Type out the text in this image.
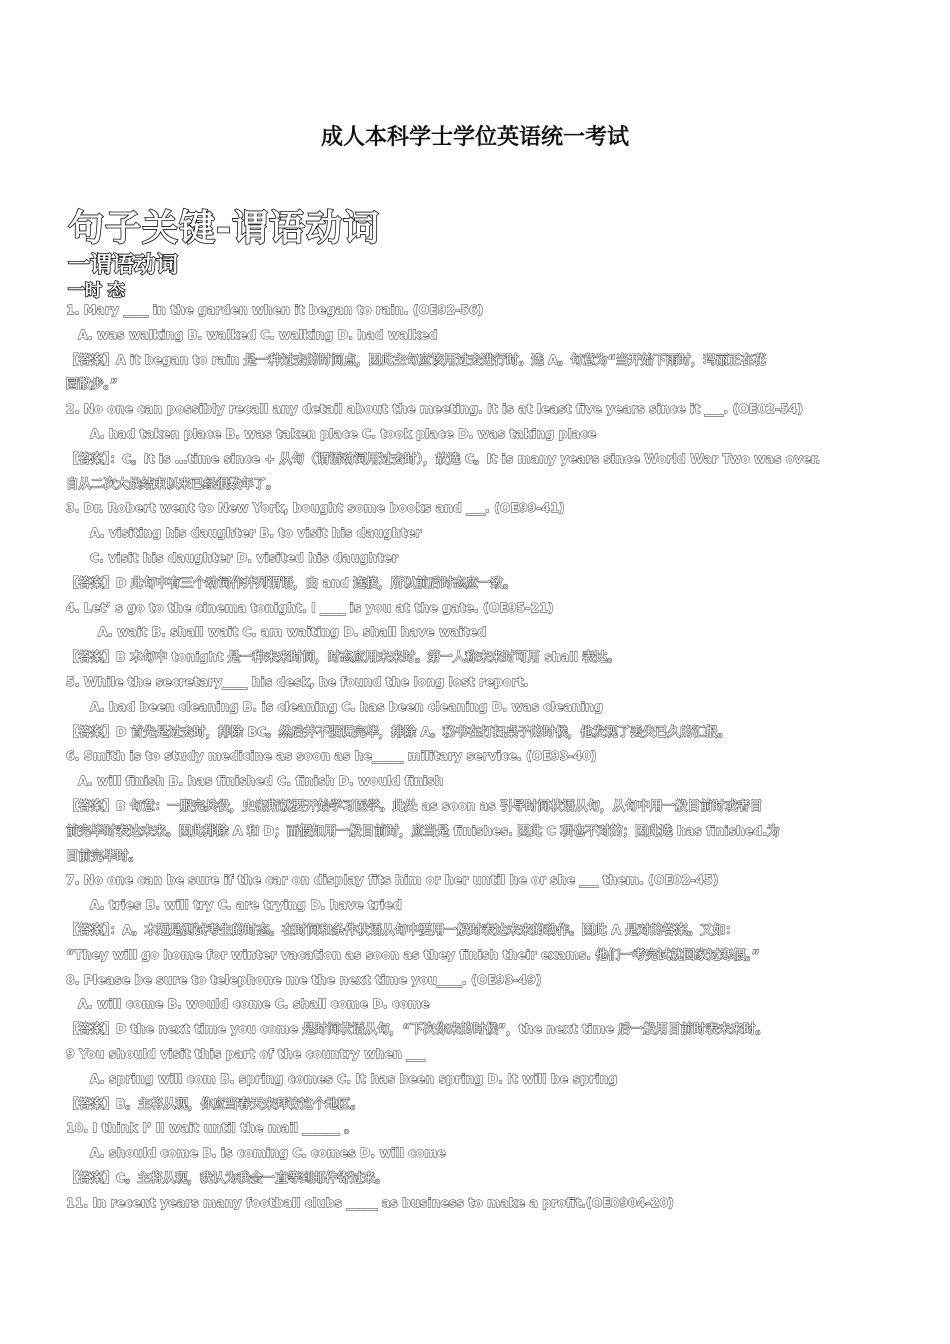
成人本科学士学位英语统一考试
句子关键-谓语动词
一谓语动词
一时 态
1. Mary ____ in the garden when it began to rain. (OE92-56)
A. was walking B. walked C. walking D. had walked
【答案】A it began to rain 是一种过去的时间点，因此主句应该用过去进行时。选 A。句意为“当开始下雨时，玛丽正在花
园散步。”
2. No one can possibly recall any detail about the meeting. It is at least five years since it ___. (OE02-54)
A. had taken place B. was taken place C. took place D. was taking place
【答案】：C。It is …time since + 从句（谓语动词用过去时），故选 C。It is many years since World War Two was over.
自从二次大战结束以来已经很数年了。
3. Dr. Robert went to New York, bought some books and ___. (OE99-41)
A. visiting his daughter B. to visit his daughter
C. visit his daughter D. visited his daughter
【答案】D 此句中有三个动词作并列谓语，由 and 连接，所以前后时态应一致。
4. Let’ s go to the cinema tonight. I ____ is you at the gate. (OE95-21)
A. wait B. shall wait C. am waiting D. shall have waited
【答案】B 本句中 tonight 是一种未来时间，时态应用未来时。第一人称未来时可用 shall 表达。
5. While the secretary____ his desk, he found the long lost report.
A. had been cleaning B. is cleaning C. has been cleaning D. was cleaning
【答案】D 首先是过去时，排除 BC。然后并不强调完毕，排除 A。秘书在打扫桌子的时候，他发现了丢失已久的汇报。
6. Smith is to study medicine as soon as he_____ military service. (OE93-40)
A. will finish B. has finished C. finish D. would finish
【答案】B 句意：一服完兵役，史密斯就要开始学习医学。此处 as soon as 引导时间状语从句，从句中用一般目前时或者目
前完毕时表达未来。因此排除 A 和 D；而假如用一般目前时，应当是 finishes. 因此 C 项也不对的；因此选 has finished.为
目前完毕时。
7. No one can be sure if the car on display fits him or her until he or she ___ them. (OE02-45)
A. tries B. will try C. are trying D. have tried
【答案】：A。本题是测试考生的时态。在时间和条件状语从句中要用一般时表达未来的动作。因此 A 是对的答案。又如：
“They will go home for winter vacation as soon as they finish their exams. 他们一考完试就回家过寒假。”
8. Please be sure to telephone me the next time you____. (OE93-49)
A. will come B. would come C. shall come D. come
【答案】D the next time you come 是时间状语从句，“下次你来的时候”，the next time 后一般用目前时表未来时。
9 You should visit this part of the country when ___
A. spring will com B. spring comes C. It has been spring D. It will be spring
【答案】B。主将从现，你应当春天来拜访这个地区。
10. I think I’ ll wait until the mail ______ 。
A. should come B. is coming C. comes D. will come
【答案】C。主将从现，我认为我会一直等到邮件寄过来。
11. In recent years many football clubs _____ as business to make a profit.(OE0904-20)
